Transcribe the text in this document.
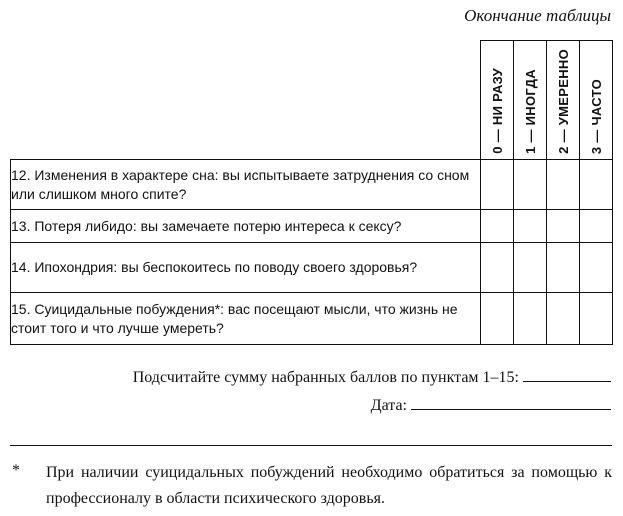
Окончание таблицы
	0 — НИ РАЗУ	1 — ИНОГДА	2 — УМЕРЕННО	3 — ЧАСТО
12. Изменения в характере сна: вы испытываете затруднения со сном или слишком много спите?				
13. Потеря либидо: вы замечаете потерю интереса к сексу?				
14. Ипохондрия: вы беспокоитесь по поводу своего здоровья?				
15. Суицидальные побуждения*: вас посещают мысли, что жизнь не стоит того и что лучше умереть?				
Подсчитайте сумму набранных баллов по пунктам 1–15:
Дата:
* При наличии суицидальных побуждений необходимо обратиться за помощью к профессионалу в области психического здоровья.
